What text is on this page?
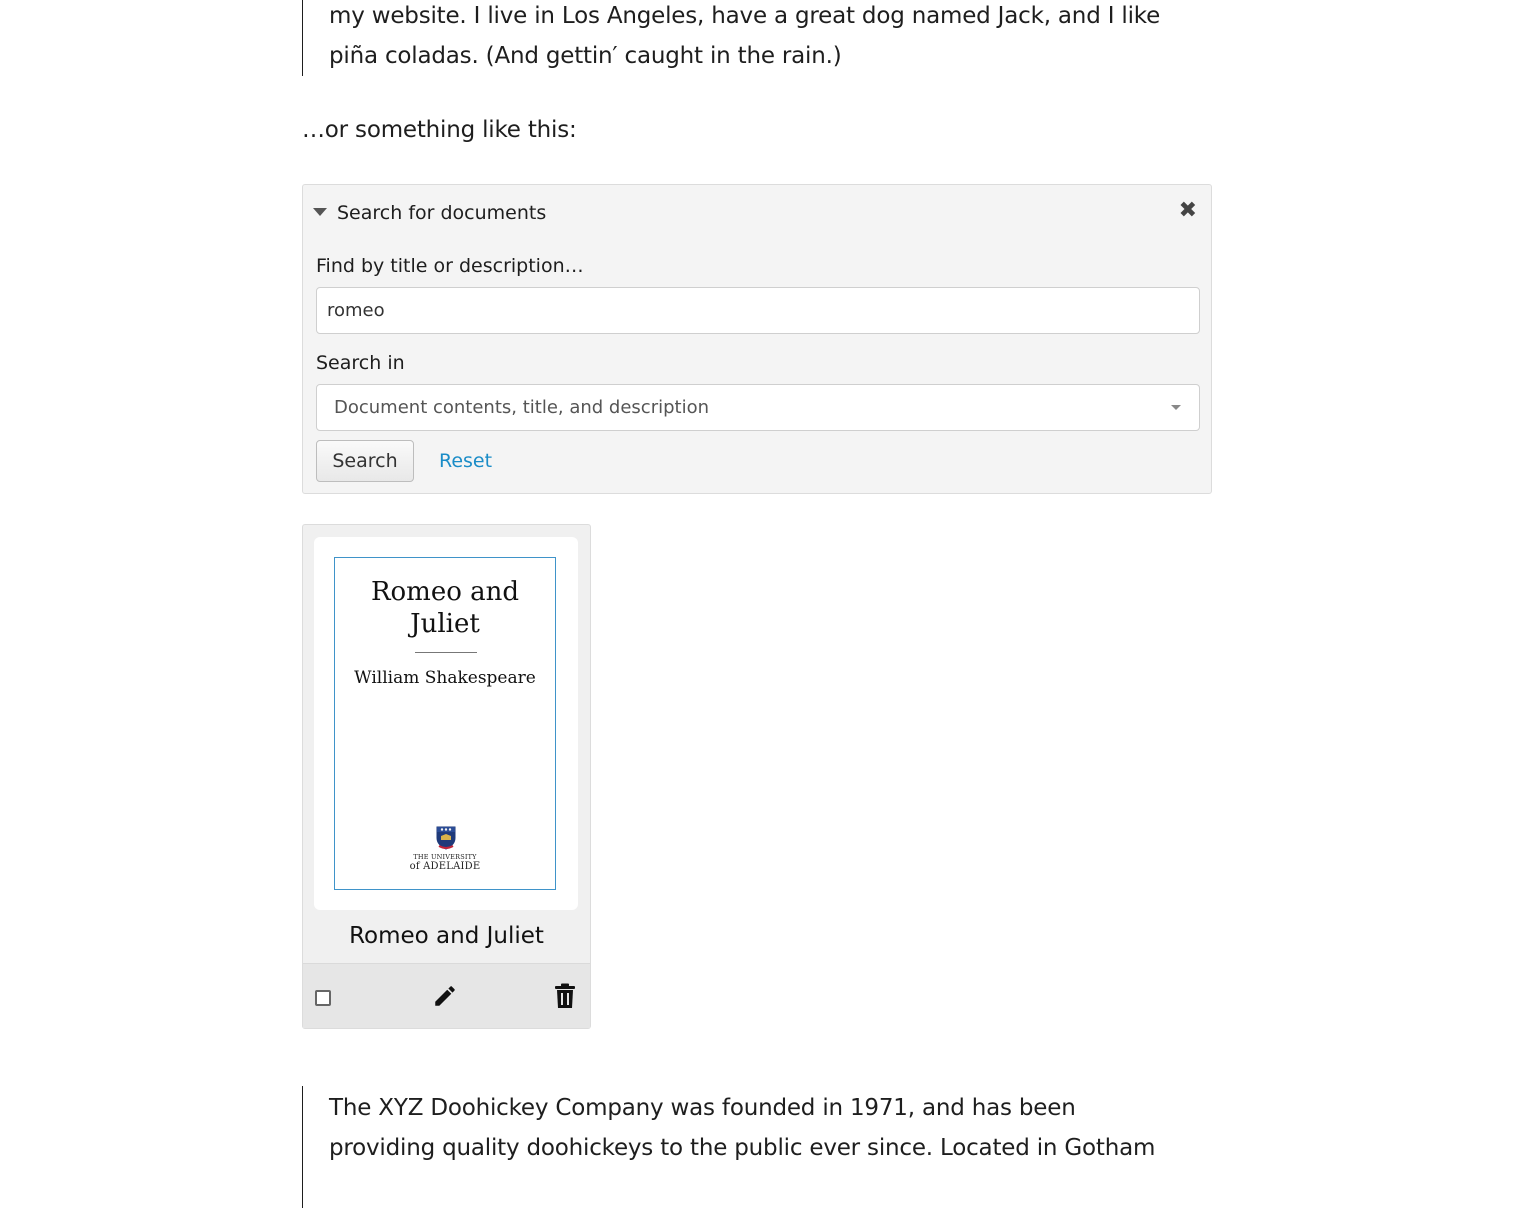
my website. I live in Los Angeles, have a great dog named Jack, and I like
piña coladas. (And gettin′ caught in the rain.)
…or something like this:
Search for documents	✖
Find by title or description…
romeo
Search in
Document contents, title, and description
Search	Reset
Romeo and Juliet
William Shakespeare
THE UNIVERSITY
of ADELAIDE
Romeo and Juliet
The XYZ Doohickey Company was founded in 1971, and has been
providing quality doohickeys to the public ever since. Located in Gotham
